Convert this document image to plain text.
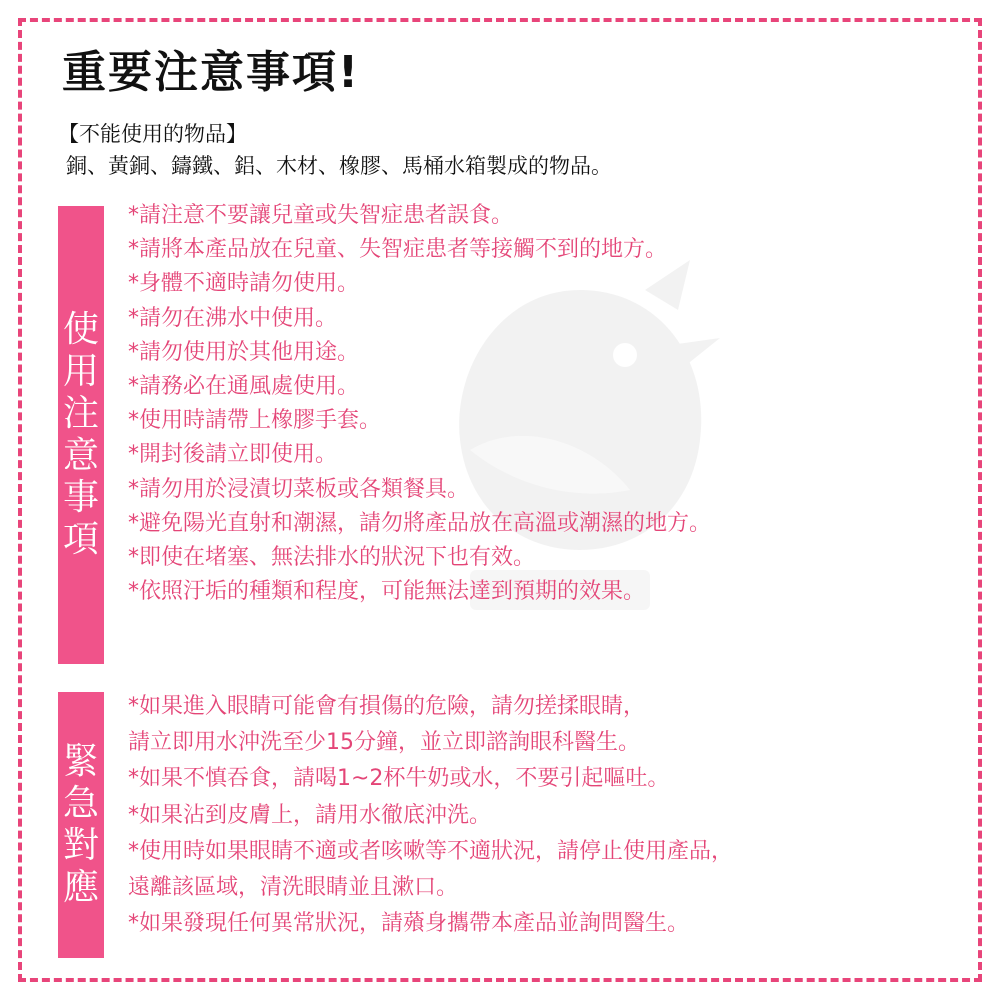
重要注意事項!
【不能使用的物品】
銅、黃銅、鑄鐵、鋁、木材、橡膠、馬桶水箱製成的物品。
使
用
注
意
事
項
*請注意不要讓兒童或失智症患者誤食。
*請將本產品放在兒童、失智症患者等接觸不到的地方。
*身體不適時請勿使用。
*請勿在沸水中使用。
*請勿使用於其他用途。
*請務必在通風處使用。
*使用時請帶上橡膠手套。
*開封後請立即使用。
*請勿用於浸漬切菜板或各類餐具。
*避免陽光直射和潮濕，請勿將產品放在高溫或潮濕的地方。
*即使在堵塞、無法排水的狀況下也有效。
*依照汙垢的種類和程度，可能無法達到預期的效果。
緊
急
對
應
*如果進入眼睛可能會有損傷的危險，請勿搓揉眼睛，
請立即用水沖洗至少15分鐘，並立即諮詢眼科醫生。
*如果不慎吞食，請喝1~2杯牛奶或水，不要引起嘔吐。
*如果沾到皮膚上，請用水徹底沖洗。
*使用時如果眼睛不適或者咳嗽等不適狀況，請停止使用產品，
遠離該區域，清洗眼睛並且漱口。
*如果發現任何異常狀況，請薞身攜帶本產品並詢問醫生。
